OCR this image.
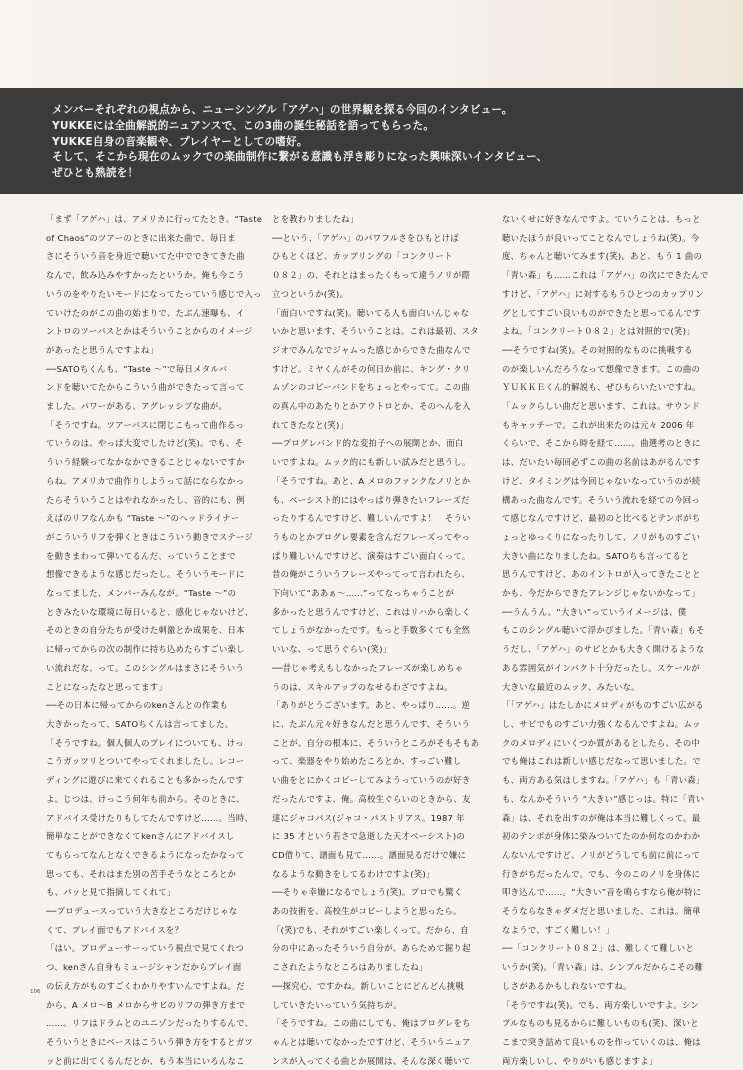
メンバーそれぞれの視点から、ニューシングル「アゲハ」の世界観を探る今回のインタビュー。
YUKKEには全曲解説的ニュアンスで、この3曲の誕生秘話を語ってもらった。
YUKKE自身の音楽観や、プレイヤーとしての嗜好。
そして、そこから現在のムックでの楽曲制作に繋がる意識も浮き彫りになった興味深いインタビュー、
ぜひとも熟読を！

「まず「アゲハ」は、アメリカに行ってたとき。“Taste

of Chaos”のツアーのときに出来た曲で、毎日ま

さにそういう音を身近で聴いてた中でできてきた曲

なんで、飲み込みやすかったというか。俺も今こう

いうのをやりたいモードになってたっていう感じで入っ

ていけたのがこの曲の始まりで、たぶん速曝も、イ

ントロのツーバスとかはそういうことからのイメージ

があったと思うんですよね」

──SATOちくんも、“Taste ～”で毎日メタルバ

ンドを聴いてたからこういう曲ができたって言って

ました。パワーがある、アグレッシブな曲が。

「そうですね。ツアーバスに閉じこもって曲作るっ

ていうのは、やっぱ大変でしたけど(笑)。でも、そ

ういう経験ってなかなかできることじゃないですか

らね。アメリカで曲作りしようって話にならなかっ

たらそういうことはやれなかったし、音的にも、例

えばのリフなんかも “Taste ～”のヘッドライナー

がこういうリフを弾くときはこういう動きでステージ

を動きまわって弾いてるんだ、っていうことまで

想像できるような感じだったし。そういうモードに

なってました、メンバーみんなが。“Taste ～”の

ときみたいな環境に毎日いると、感化じゃないけど、

そのときの自分たちが受けた刺激とか成果を、日本

に帰ってからの次の制作に持ち込めたらすごい楽し

い流れだな、って。このシングルはまさにそういう

ことになったなと思ってます」

──その日本に帰ってからのkenさんとの作業も

大きかったって、SATOちくんは言ってました。

「そうですね。個人個人のプレイについても、けっ

こうガッツリとついてやってくれましたし。レコー

ディングに遊びに来てくれることも多かったんです

よ。じつは、けっこう何年も前から。そのときに、

アドバイス受けたりもしてたんですけど……。当時、

簡単なことができなくてkenさんにアドバイスし

てもらってなんとなくできるようになったかなって

思っても、それはまた別の苦手そうなところとか

も、パッと見て指摘してくれて」

──プロデュースっていう大きなところだけじゃな

くて、プレイ面でもアドバイスを？

「はい。プロデューサーっていう視点で見てくれつ

つ、kenさん自身もミュージシャンだからプレイ面

の伝え方がものすごくわかりやすいんですよね。だ

から、A メロ～B メロからサビのリフの弾き方まで

……。リフはドラムとのユニゾンだったりするんで、

そういうときにベースはこういう弾き方をするとガツ

ッと前に出てくるんだとか、もう本当にいろんなこ

とを教わりましたね」

──という、「アゲハ」のパワフルさをひもとけば

ひもとくほど、カップリングの「コンクリート

０８２」の、それとはまったくもって違うノリが際

立つというか(笑)。

「面白いですね(笑)。聴いてる人も面白いんじゃな

いかと思います、そういうことは。これは最初、スタ

ジオでみんなでジャムった感じからできた曲なんで

すけど。ミヤくんがその何日か前に、キング・クリ

ムゾンのコピーバンドをちょっとやってて。この曲

の真ん中のあたりとかアウトロとか、そのへんを入

れてきたなと(笑)」

──プログレバンド的な変拍子への展開とか、面白

いですよね。ムック的にも新しい試みだと思うし。

「そうですね。あと、A メロのファンクなノリとか

も、ベーシスト的にはやっぱり弾きたいフレーズだ

ったりするんですけど、難しいんですよ！　そうい

うものとかプログレ要素を含んだフレーズってやっ

ぱり難しいんですけど、演奏はすごい面白くって。

昔の俺がこういうフレーズやってって言われたら、

下向いて“ああぁ～……”ってなっちゃうことが

多かったと思うんですけど、これはリハから楽しく

てしょうがなかったです。もっと手数多くても全然

いいな、って思うぐらい(笑)」

──昔じゃ考えもしなかったフレーズが楽しめちゃ

うのは、スキルアップのなせるわざですよね。

「ありがとうございます。あと、やっぱり……。逆

に、たぶん元々好きなんだと思うんです、そういう

ことが。自分の根本に、そういうところがそもそもあ

って、楽器をやり始めたころとか、すっごい難し

い曲をとにかくコピーしてみようっていうのが好き

だったんですよ、俺。高校生ぐらいのときから、友

達にジャコパス(ジャコ・パストリアス。1987 年

に 35 才という若さで急逝した天才ベーシスト)の

CD借りて、譜面も見て……。譜面見るだけで嫌に

なるような動きをしてるわけですよ(笑)」

──そりゃ幸嫌になるでしょう(笑)。プロでも驚く

あの技術を、高校生がコピーしようと思ったら。

「(笑)でも、それがすごい楽しくって。だから、自

分の中にあったそういう自分が、あらためて掘り起

こされたようなところはありましたね」

──探究心、ですかね。新しいことにどんどん挑戦

していきたいっていう気持ちが。

「そうですね。この曲にしても、俺はプログレをち

ゃんとは聴いてなかったですけど、そういうニュア

ンスが入ってくる曲とか展開は、そんな深く聴いて

ないくせに好きなんですよ。ていうことは、もっと

聴いたほうが良いってことなんでしょうね(笑)。今

度、ちゃんと聴いてみます(笑)。あと、もう 1 曲の

「青い森」も……これは「アゲハ」の次にできたんで

すけど、「アゲハ」に対するもうひとつのカップリン

グとしてすごい良いものができたと思ってるんです

よね。「コンクリート０８２」とは対照的で(笑)」

──そうですね(笑)。その対照的なものに挑戦する

のが楽しいんだろうなって想像できます。この曲の

ＹＵＫＫＥくん的解説も、ぜひもらいたいですね。

「ムックらしい曲だと思います、これは。サウンド

もキャッチーで。これが出来たのは元々 2006 年

くらいで、そこから時を経て……。曲選考のときに

は、だいたい毎回必ずこの曲の名前はあがるんです

けど、タイミングは今回じゃないなっていうのが続

構あった曲なんです。そういう流れを経ての今回っ

て感じなんですけど、最初のと比べるとテンポがち

ょっとゆっくりになったりして、ノリがものすごい

大きい曲になりましたね。SATOちも言ってると

思うんですけど、あのイントロが入ってきたことと

かも、今だからできたアレンジじゃないかなって」

──うんうん。“大きい”っていうイメージは、僕

もこのシングル聴いて浮かびました。「青い森」もそ

うだし、「アゲハ」のサビとかも大きく開けるような

ある雰囲気がインパクト十分だったし。スケールが

大きいな最近のムック、みたいな。

「「アゲハ」はたしかにメロディがものすごい広がる

し、サビでものすごい力強くなるんですよね。ムッ

クのメロディにいくつか質があるとしたら、その中

でも俺はこれは新しい感じだなって思いました。で

も、両方ある気はしますね。「アゲハ」も「青い森」

も、なんかそういう “大きい”感じっは。特に「青い

森」は、それを出すのが俺は本当に難しくって。最

初のテンポが身体に染みついてたのか何なのかわか

んないんですけど、ノリがどうしても前に前にって

行きがちだったんで。でも、今のこのノリを身体に

叩き込んで……。“大きい”音を鳴らすなら俺が特に

そうならなきゃダメだと思いました、これは。簡単

なようで、すごく難しい！」

──「コンクリート０８２」は、難しくて難しいと

いうか(笑)。「青い森」は、シンプルだからこその難

しさがあるかもしれないですね。

「そうですね(笑)。でも、両方楽しいですよ。シン

プルなものも見るからに難しいものも(笑)、深いと

こまで突き詰めて良いものを作っていくのは、俺は

両方楽しいし、やりがいも感じますよ」

106
